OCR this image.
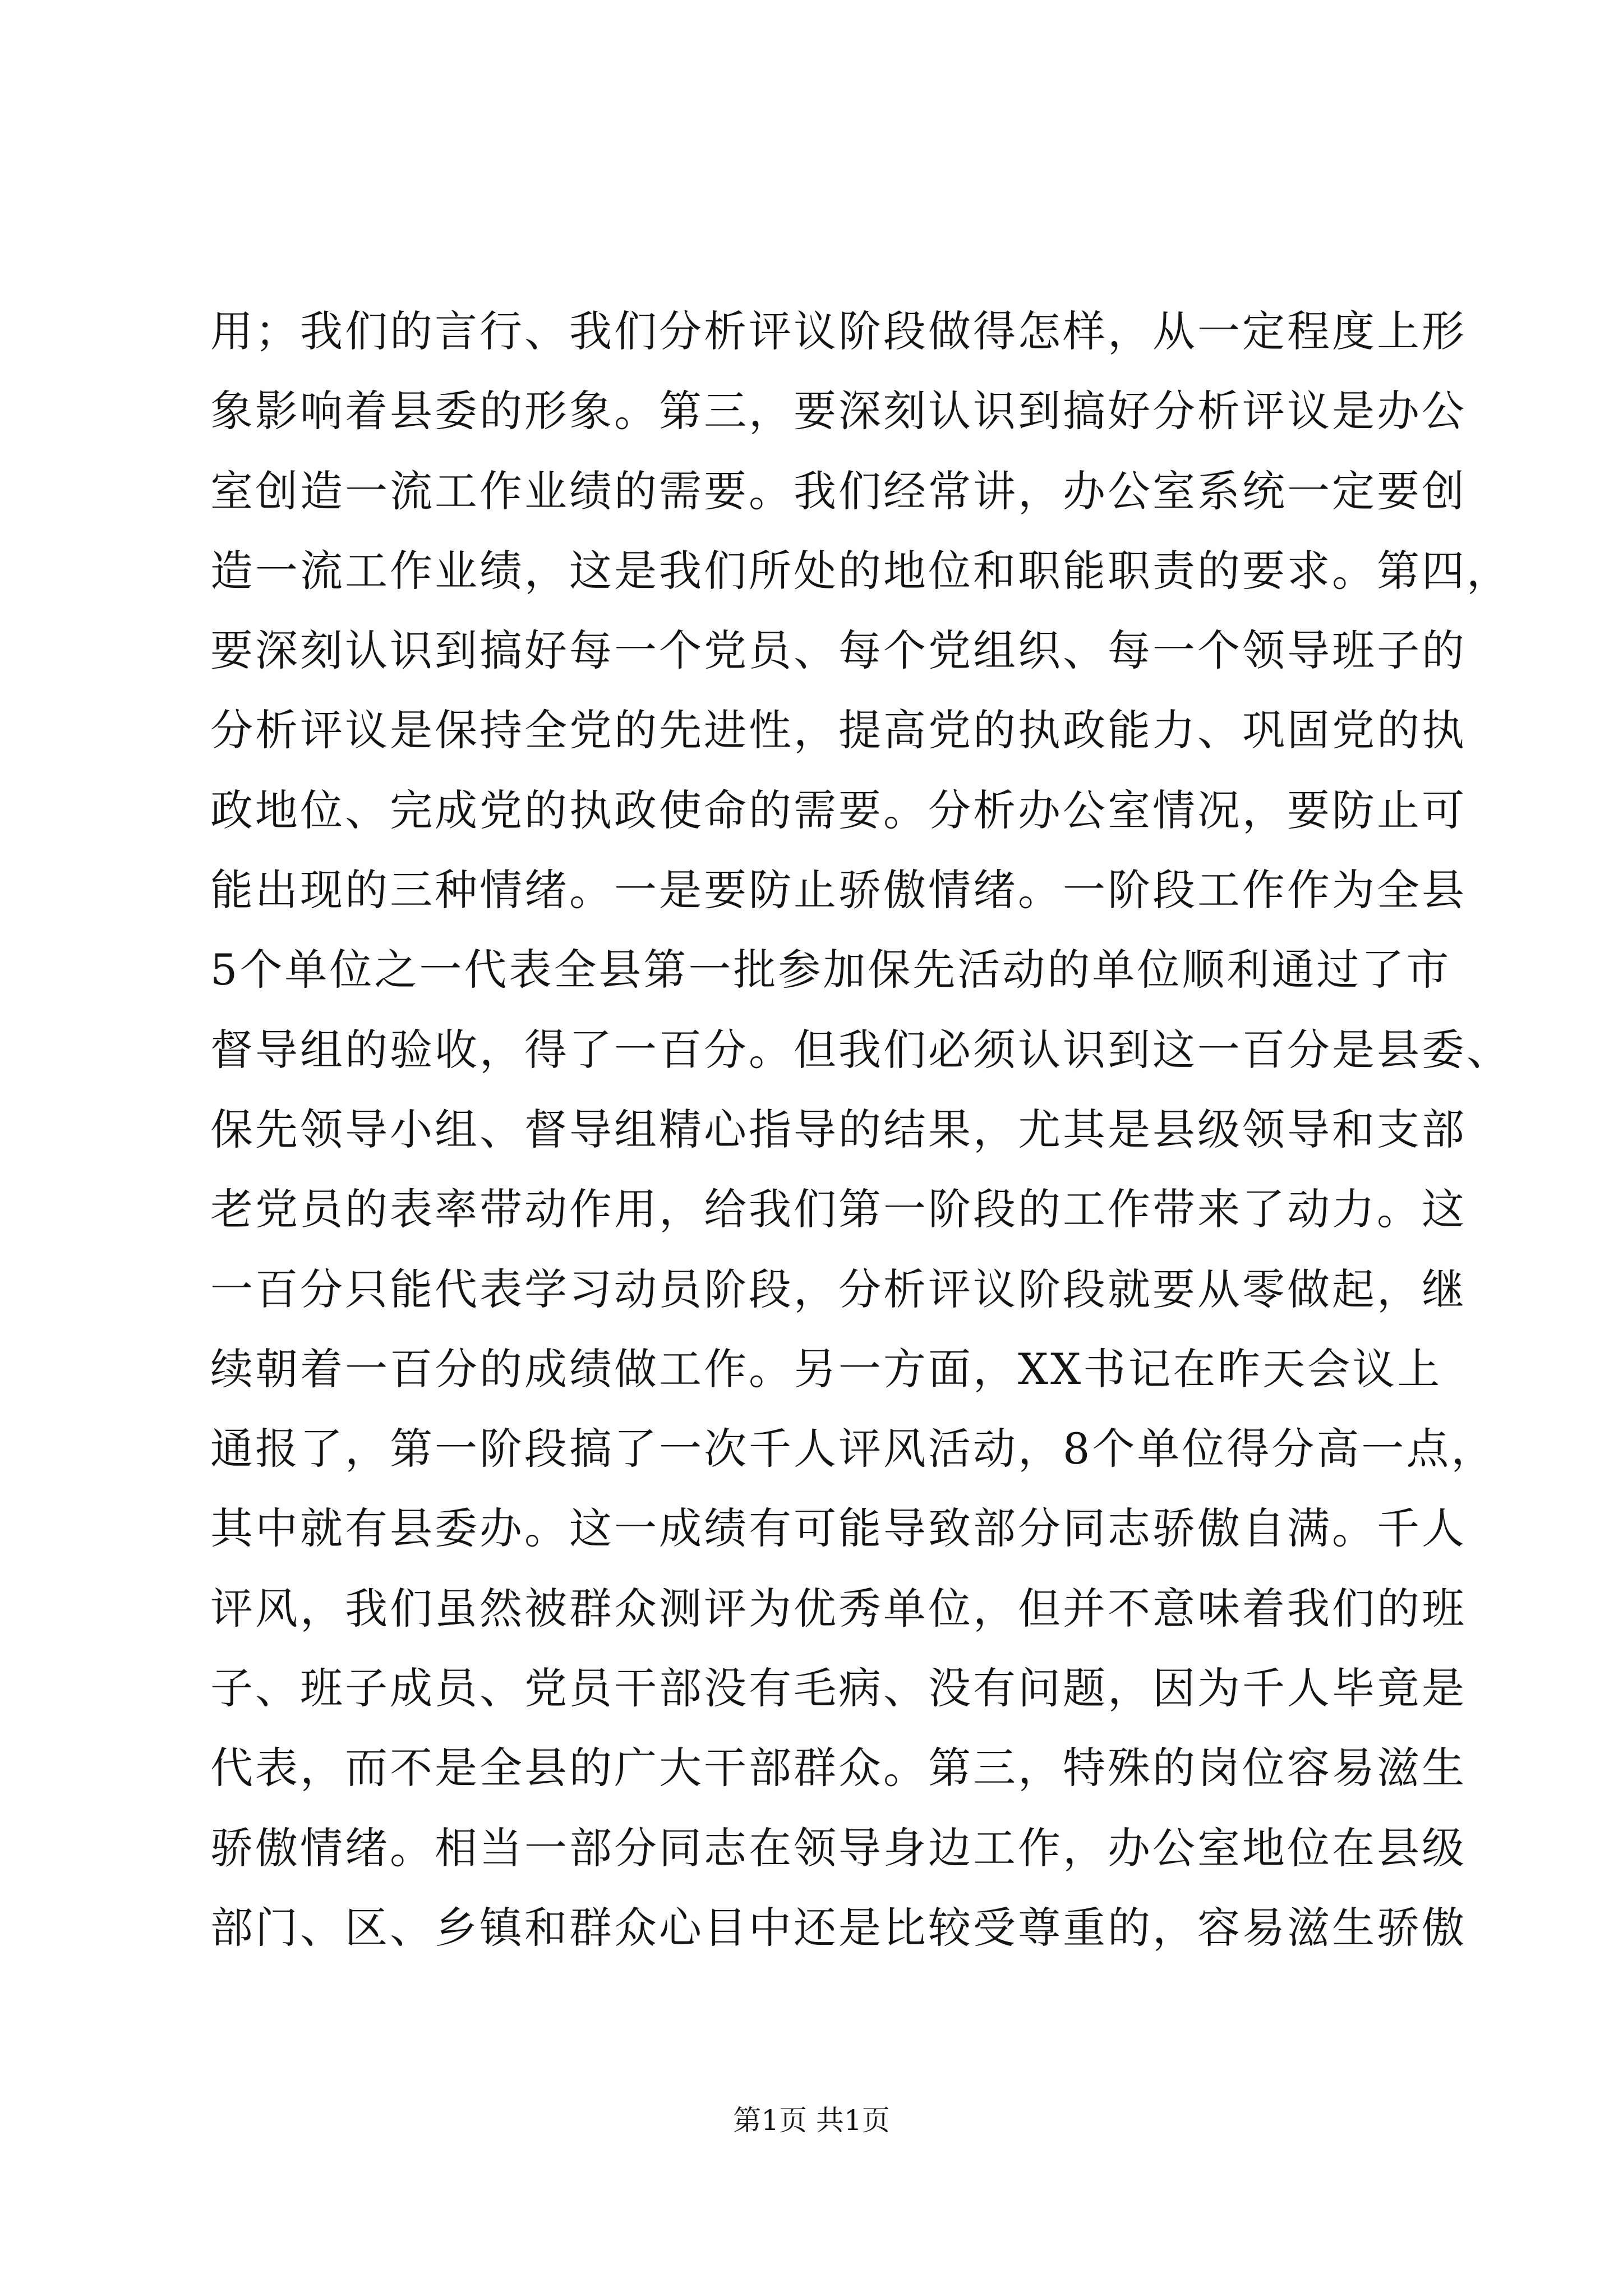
用；我们的言行、我们分析评议阶段做得怎样，从一定程度上形
象影响着县委的形象。第三，要深刻认识到搞好分析评议是办公
室创造一流工作业绩的需要。我们经常讲，办公室系统一定要创
造一流工作业绩，这是我们所处的地位和职能职责的要求。第四，
要深刻认识到搞好每一个党员、每个党组织、每一个领导班子的
分析评议是保持全党的先进性，提高党的执政能力、巩固党的执
政地位、完成党的执政使命的需要。分析办公室情况，要防止可
能出现的三种情绪。一是要防止骄傲情绪。一阶段工作作为全县
5个单位之一代表全县第一批参加保先活动的单位顺利通过了市
督导组的验收，得了一百分。但我们必须认识到这一百分是县委、
保先领导小组、督导组精心指导的结果，尤其是县级领导和支部
老党员的表率带动作用，给我们第一阶段的工作带来了动力。这
一百分只能代表学习动员阶段，分析评议阶段就要从零做起，继
续朝着一百分的成绩做工作。另一方面，XX书记在昨天会议上
通报了，第一阶段搞了一次千人评风活动，8个单位得分高一点，
其中就有县委办。这一成绩有可能导致部分同志骄傲自满。千人
评风，我们虽然被群众测评为优秀单位，但并不意味着我们的班
子、班子成员、党员干部没有毛病、没有问题，因为千人毕竟是
代表，而不是全县的广大干部群众。第三，特殊的岗位容易滋生
骄傲情绪。相当一部分同志在领导身边工作，办公室地位在县级
部门、区、乡镇和群众心目中还是比较受尊重的，容易滋生骄傲

第1页 共1页
